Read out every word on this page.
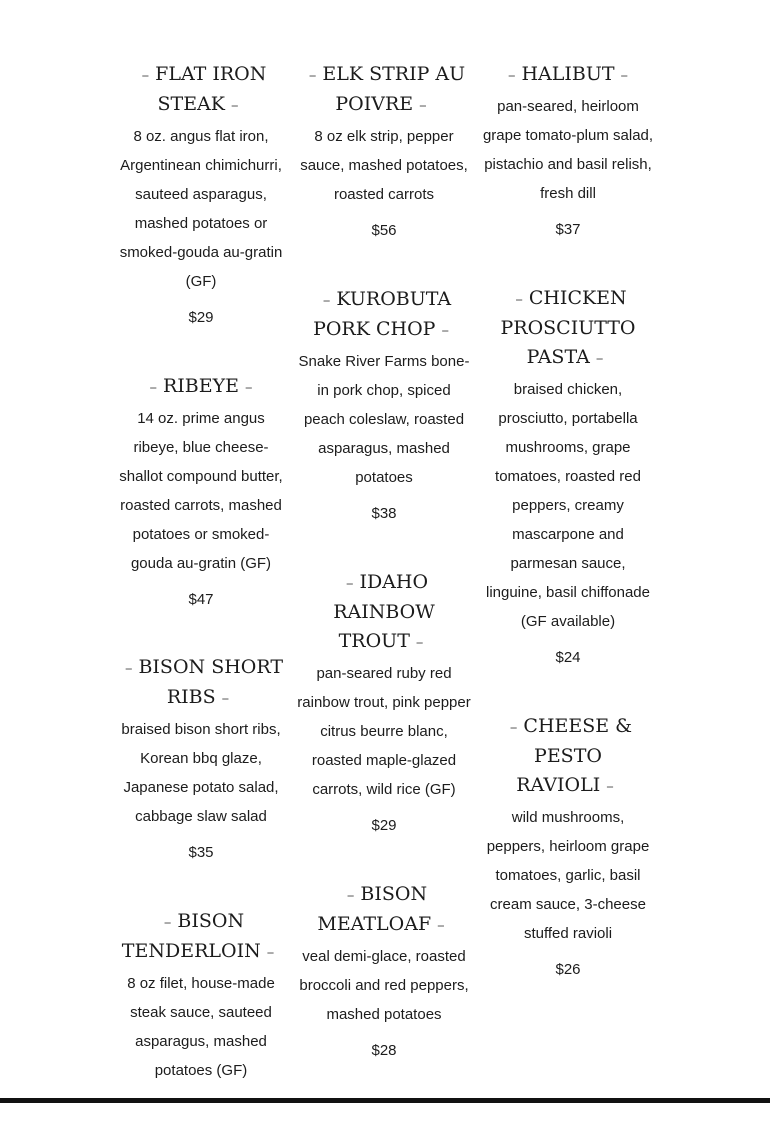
– FLAT IRON STEAK –

8 oz. angus flat iron, Argentinean chimichurri, sauteed asparagus, mashed potatoes or smoked-gouda au-gratin (GF)

$29

– RIBEYE –

14 oz. prime angus ribeye, blue cheese-shallot compound butter, roasted carrots, mashed potatoes or smoked-gouda au-gratin (GF)

$47

– BISON SHORT RIBS –

braised bison short ribs, Korean bbq glaze, Japanese potato salad, cabbage slaw salad

$35

– BISON TENDERLOIN –

8 oz filet, house-made steak sauce, sauteed asparagus, mashed potatoes (GF)

– ELK STRIP AU POIVRE –

8 oz elk strip, pepper sauce, mashed potatoes, roasted carrots

$56

– KUROBUTA PORK CHOP –

Snake River Farms bone-in pork chop, spiced peach coleslaw, roasted asparagus, mashed potatoes

$38

– IDAHO RAINBOW TROUT –

pan-seared ruby red rainbow trout, pink pepper citrus beurre blanc, roasted maple-glazed carrots, wild rice (GF)

$29

– BISON MEATLOAF –

veal demi-glace, roasted broccoli and red peppers, mashed potatoes

$28

– HALIBUT –

pan-seared, heirloom grape tomato-plum salad, pistachio and basil relish, fresh dill

$37

– CHICKEN PROSCIUTTO PASTA –

braised chicken, prosciutto, portabella mushrooms, grape tomatoes, roasted red peppers, creamy mascarpone and parmesan sauce, linguine, basil chiffonade (GF available)

$24

– CHEESE & PESTO RAVIOLI –

wild mushrooms, peppers, heirloom grape tomatoes, garlic, basil cream sauce, 3-cheese stuffed ravioli

$26
